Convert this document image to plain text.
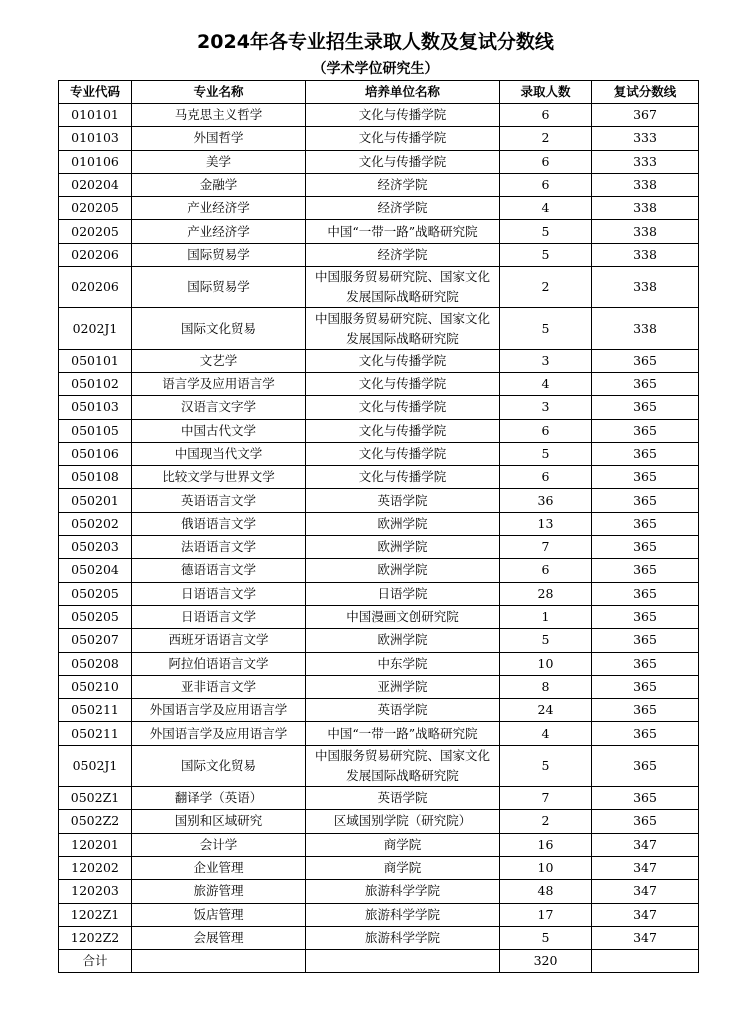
2024年各专业招生录取人数及复试分数线
（学术学位研究生）
专业代码	专业名称	培养单位名称	录取人数	复试分数线
010101	马克思主义哲学	文化与传播学院	6	367
010103	外国哲学	文化与传播学院	2	333
010106	美学	文化与传播学院	6	333
020204	金融学	经济学院	6	338
020205	产业经济学	经济学院	4	338
020205	产业经济学	中国“一带一路”战略研究院	5	338
020206	国际贸易学	经济学院	5	338
020206	国际贸易学	中国服务贸易研究院、国家文化
发展国际战略研究院	2	338
0202J1	国际文化贸易	中国服务贸易研究院、国家文化
发展国际战略研究院	5	338
050101	文艺学	文化与传播学院	3	365
050102	语言学及应用语言学	文化与传播学院	4	365
050103	汉语言文字学	文化与传播学院	3	365
050105	中国古代文学	文化与传播学院	6	365
050106	中国现当代文学	文化与传播学院	5	365
050108	比较文学与世界文学	文化与传播学院	6	365
050201	英语语言文学	英语学院	36	365
050202	俄语语言文学	欧洲学院	13	365
050203	法语语言文学	欧洲学院	7	365
050204	德语语言文学	欧洲学院	6	365
050205	日语语言文学	日语学院	28	365
050205	日语语言文学	中国漫画文创研究院	1	365
050207	西班牙语语言文学	欧洲学院	5	365
050208	阿拉伯语语言文学	中东学院	10	365
050210	亚非语言文学	亚洲学院	8	365
050211	外国语言学及应用语言学	英语学院	24	365
050211	外国语言学及应用语言学	中国“一带一路”战略研究院	4	365
0502J1	国际文化贸易	中国服务贸易研究院、国家文化
发展国际战略研究院	5	365
0502Z1	翻译学（英语）	英语学院	7	365
0502Z2	国别和区域研究	区域国别学院（研究院）	2	365
120201	会计学	商学院	16	347
120202	企业管理	商学院	10	347
120203	旅游管理	旅游科学学院	48	347
1202Z1	饭店管理	旅游科学学院	17	347
1202Z2	会展管理	旅游科学学院	5	347
合计			320	
